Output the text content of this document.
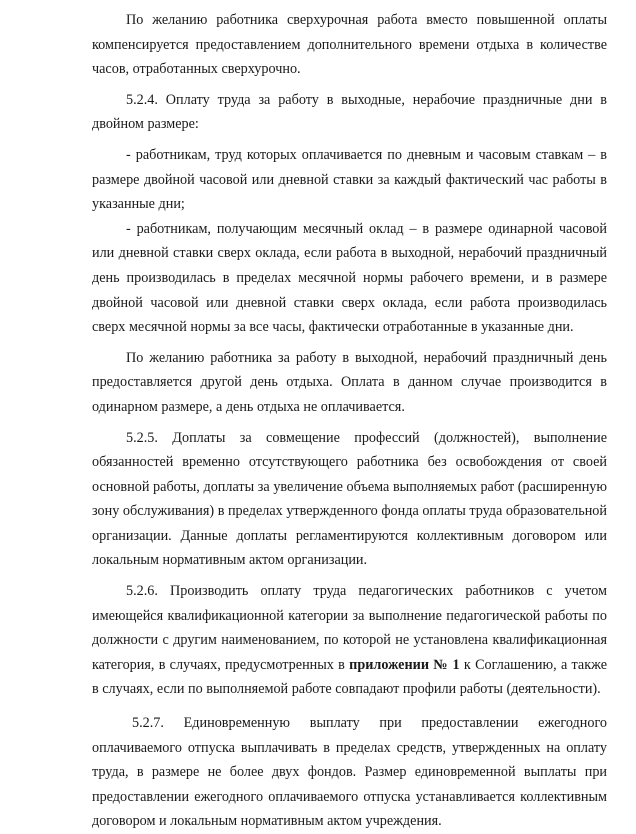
По желанию работника сверхурочная работа вместо повышенной оплаты компенсируется предоставлением дополнительного времени отдыха в количестве часов, отработанных сверхурочно.

5.2.4. Оплату труда за работу в выходные, нерабочие праздничные дни в двойном размере:

- работникам, труд которых оплачивается по дневным и часовым ставкам – в размере двойной часовой или дневной ставки за каждый фактический час работы в указанные дни;

- работникам, получающим месячный оклад – в размере одинарной часовой или дневной ставки сверх оклада, если работа в выходной, нерабочий праздничный день производилась в пределах месячной нормы рабочего времени, и в размере двойной часовой или дневной ставки сверх оклада, если работа производилась сверх месячной нормы за все часы, фактически отработанные в указанные дни.

По желанию работника за работу в выходной, нерабочий праздничный день предоставляется другой день отдыха. Оплата в данном случае производится в одинарном размере, а день отдыха не оплачивается.

5.2.5. Доплаты за совмещение профессий (должностей), выполнение обязанностей временно отсутствующего работника без освобождения от своей основной работы, доплаты за увеличение объема выполняемых работ (расширенную зону обслуживания) в пределах утвержденного фонда оплаты труда образовательной организации. Данные доплаты регламентируются коллективным договором или локальным нормативным актом организации.

5.2.6. Производить оплату труда педагогических работников с учетом имеющейся квалификационной категории за выполнение педагогической работы по должности с другим наименованием, по которой не установлена квалификационная категория, в случаях, предусмотренных в приложении № 1 к Соглашению, а также в случаях, если по выполняемой работе совпадают профили работы (деятельности).

5.2.7. Единовременную выплату при предоставлении ежегодного оплачиваемого отпуска выплачивать в пределах средств, утвержденных на оплату труда, в размере не более двух фондов. Размер единовременной выплаты при предоставлении ежегодного оплачиваемого отпуска устанавливается коллективным договором и локальным нормативным актом учреждения.
